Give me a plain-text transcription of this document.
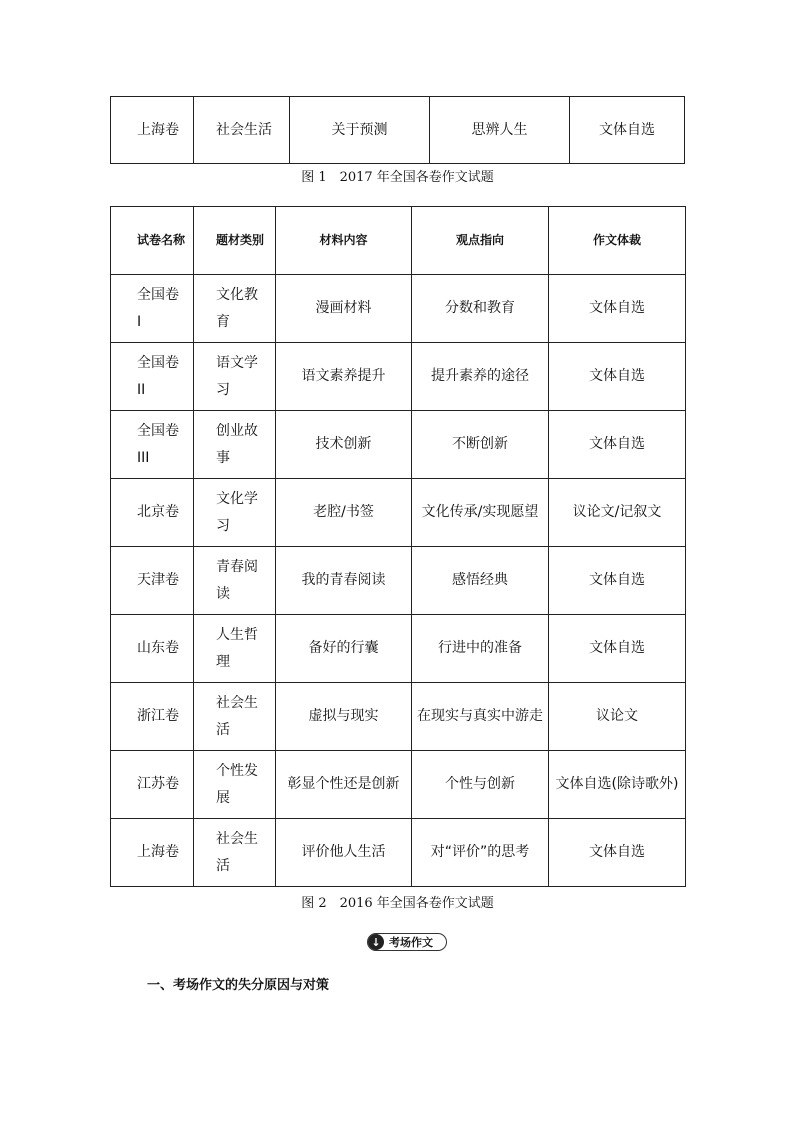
上海卷	社会生活	关于预测	思辨人生	文体自选
图 1　2017 年全国各卷作文试题
试卷名称	题材类别	材料内容	观点指向	作文体裁

全国卷 I	文化教育	漫画材料	分数和教育	文体自选

全国卷 II	语文学习	语文素养提升	提升素养的途径	文体自选

全国卷 III	创业故事	技术创新	不断创新	文体自选

北京卷	文化学习	老腔/书签	文化传承/实现愿望	议论文/记叙文

天津卷	青春阅读	我的青春阅读	感悟经典	文体自选

山东卷	人生哲理	备好的行囊	行进中的准备	文体自选

浙江卷	社会生活	虚拟与现实	在现实与真实中游走	议论文

江苏卷	个性发展	彰显个性还是创新	个性与创新	文体自选(除诗歌外)

上海卷	社会生活	评价他人生活	对“评价”的思考	文体自选
图 2　2016 年全国各卷作文试题
↓ 考场作文
一、考场作文的失分原因与对策
